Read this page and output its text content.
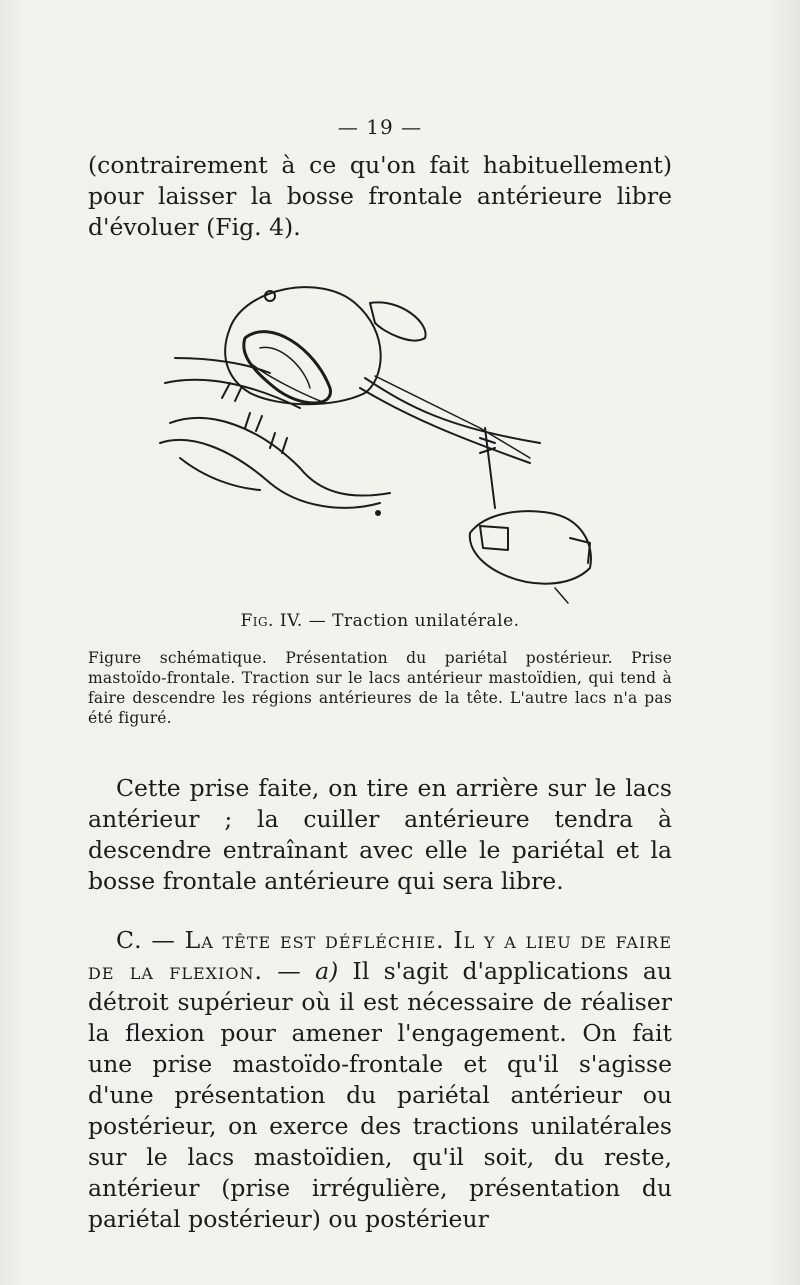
— 19 —
(contrairement à ce qu'on fait habituellement) pour laisser la bosse frontale antérieure libre d'évoluer (Fig. 4).
Fig. IV. — Traction unilatérale.
Figure schématique. Présentation du pariétal postérieur. Prise mastoïdo-frontale. Traction sur le lacs antérieur mastoïdien, qui tend à faire descendre les régions antérieures de la tête. L'autre lacs n'a pas été figuré.
Cette prise faite, on tire en arrière sur le lacs antérieur ; la cuiller antérieure tendra à descendre entraînant avec elle le pariétal et la bosse frontale antérieure qui sera libre.
C. — La tête est défléchie. Il y a lieu de faire de la flexion. — a) Il s'agit d'applications au détroit supérieur où il est nécessaire de réaliser la flexion pour amener l'engagement. On fait une prise mastoïdo-frontale et qu'il s'agisse d'une présentation du pariétal antérieur ou postérieur, on exerce des tractions unilatérales sur le lacs mastoïdien, qu'il soit, du reste, antérieur (prise irrégulière, présentation du pariétal postérieur) ou postérieur
